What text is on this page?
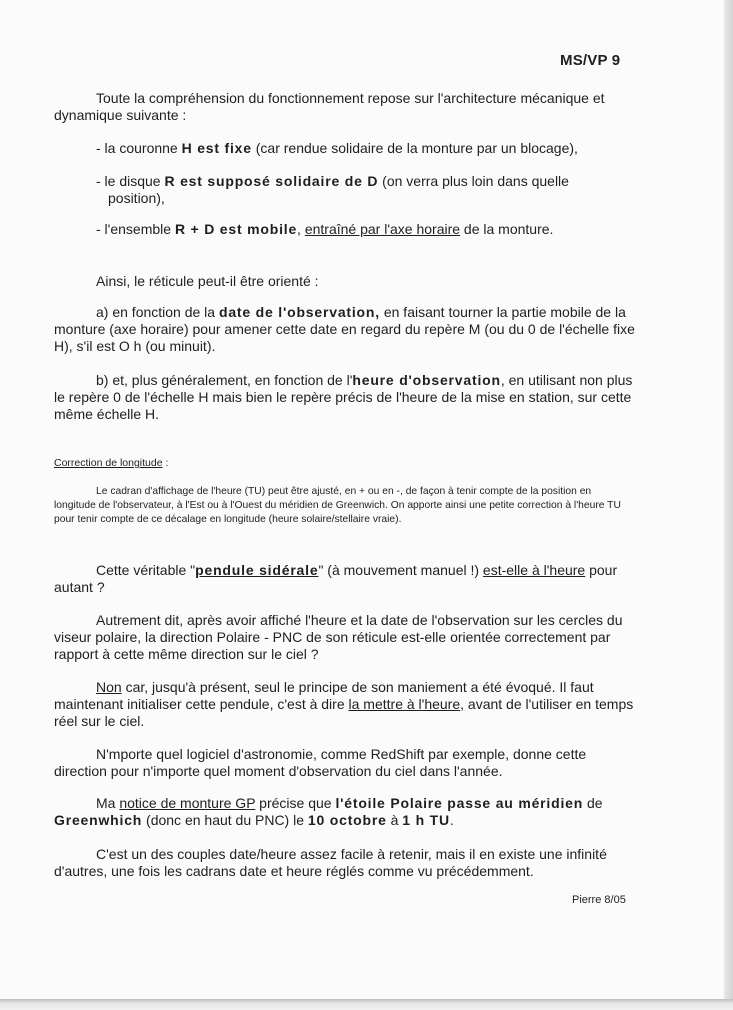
MS/VP 9

Toute la compréhension du fonctionnement repose sur l'architecture mécanique et dynamique suivante :

- la couronne H est fixe (car rendue solidaire de la monture par un blocage),

- le disque R est supposé solidaire de D (on verra plus loin dans quelle
position),

- l'ensemble R + D est mobile, entraîné par l'axe horaire de la monture.

Ainsi, le réticule peut-il être orienté :

a) en fonction de la date de l'observation, en faisant tourner la partie mobile de la monture (axe horaire) pour amener cette date en regard du repère M (ou du 0 de l'échelle fixe H), s'il est O h (ou minuit).

b) et, plus généralement, en fonction de l'heure d'observation, en utilisant non plus le repère 0 de l'échelle H mais bien le repère précis de l'heure de la mise en station, sur cette même échelle H.

Correction de longitude :

Le cadran d'affichage de l'heure (TU) peut être ajusté, en + ou en -, de façon à tenir compte de la position en longitude de l'observateur, à l'Est ou à l'Ouest du méridien de Greenwich. On apporte ainsi une petite correction à l'heure TU pour tenir compte de ce décalage en longitude (heure solaire/stellaire vraie).

Cette véritable "pendule sidérale" (à mouvement manuel !) est-elle à l'heure pour autant ?

Autrement dit, après avoir affiché l'heure et la date de l'observation sur les cercles du viseur polaire, la direction Polaire - PNC de son réticule est-elle orientée correctement par rapport à cette même direction sur le ciel ?

Non car, jusqu'à présent, seul le principe de son maniement a été évoqué. Il faut maintenant initialiser cette pendule, c'est à dire la mettre à l'heure, avant de l'utiliser en temps réel sur le ciel.

N'mporte quel logiciel d'astronomie, comme RedShift par exemple, donne cette direction pour n'importe quel moment d'observation du ciel dans l'année.

Ma notice de monture GP précise que l'étoile Polaire passe au méridien de Greenwhich (donc en haut du PNC) le 10 octobre à 1 h TU.

C'est un des couples date/heure assez facile à retenir, mais il en existe une infinité d'autres, une fois les cadrans date et heure réglés comme vu précédemment.

Pierre 8/05
